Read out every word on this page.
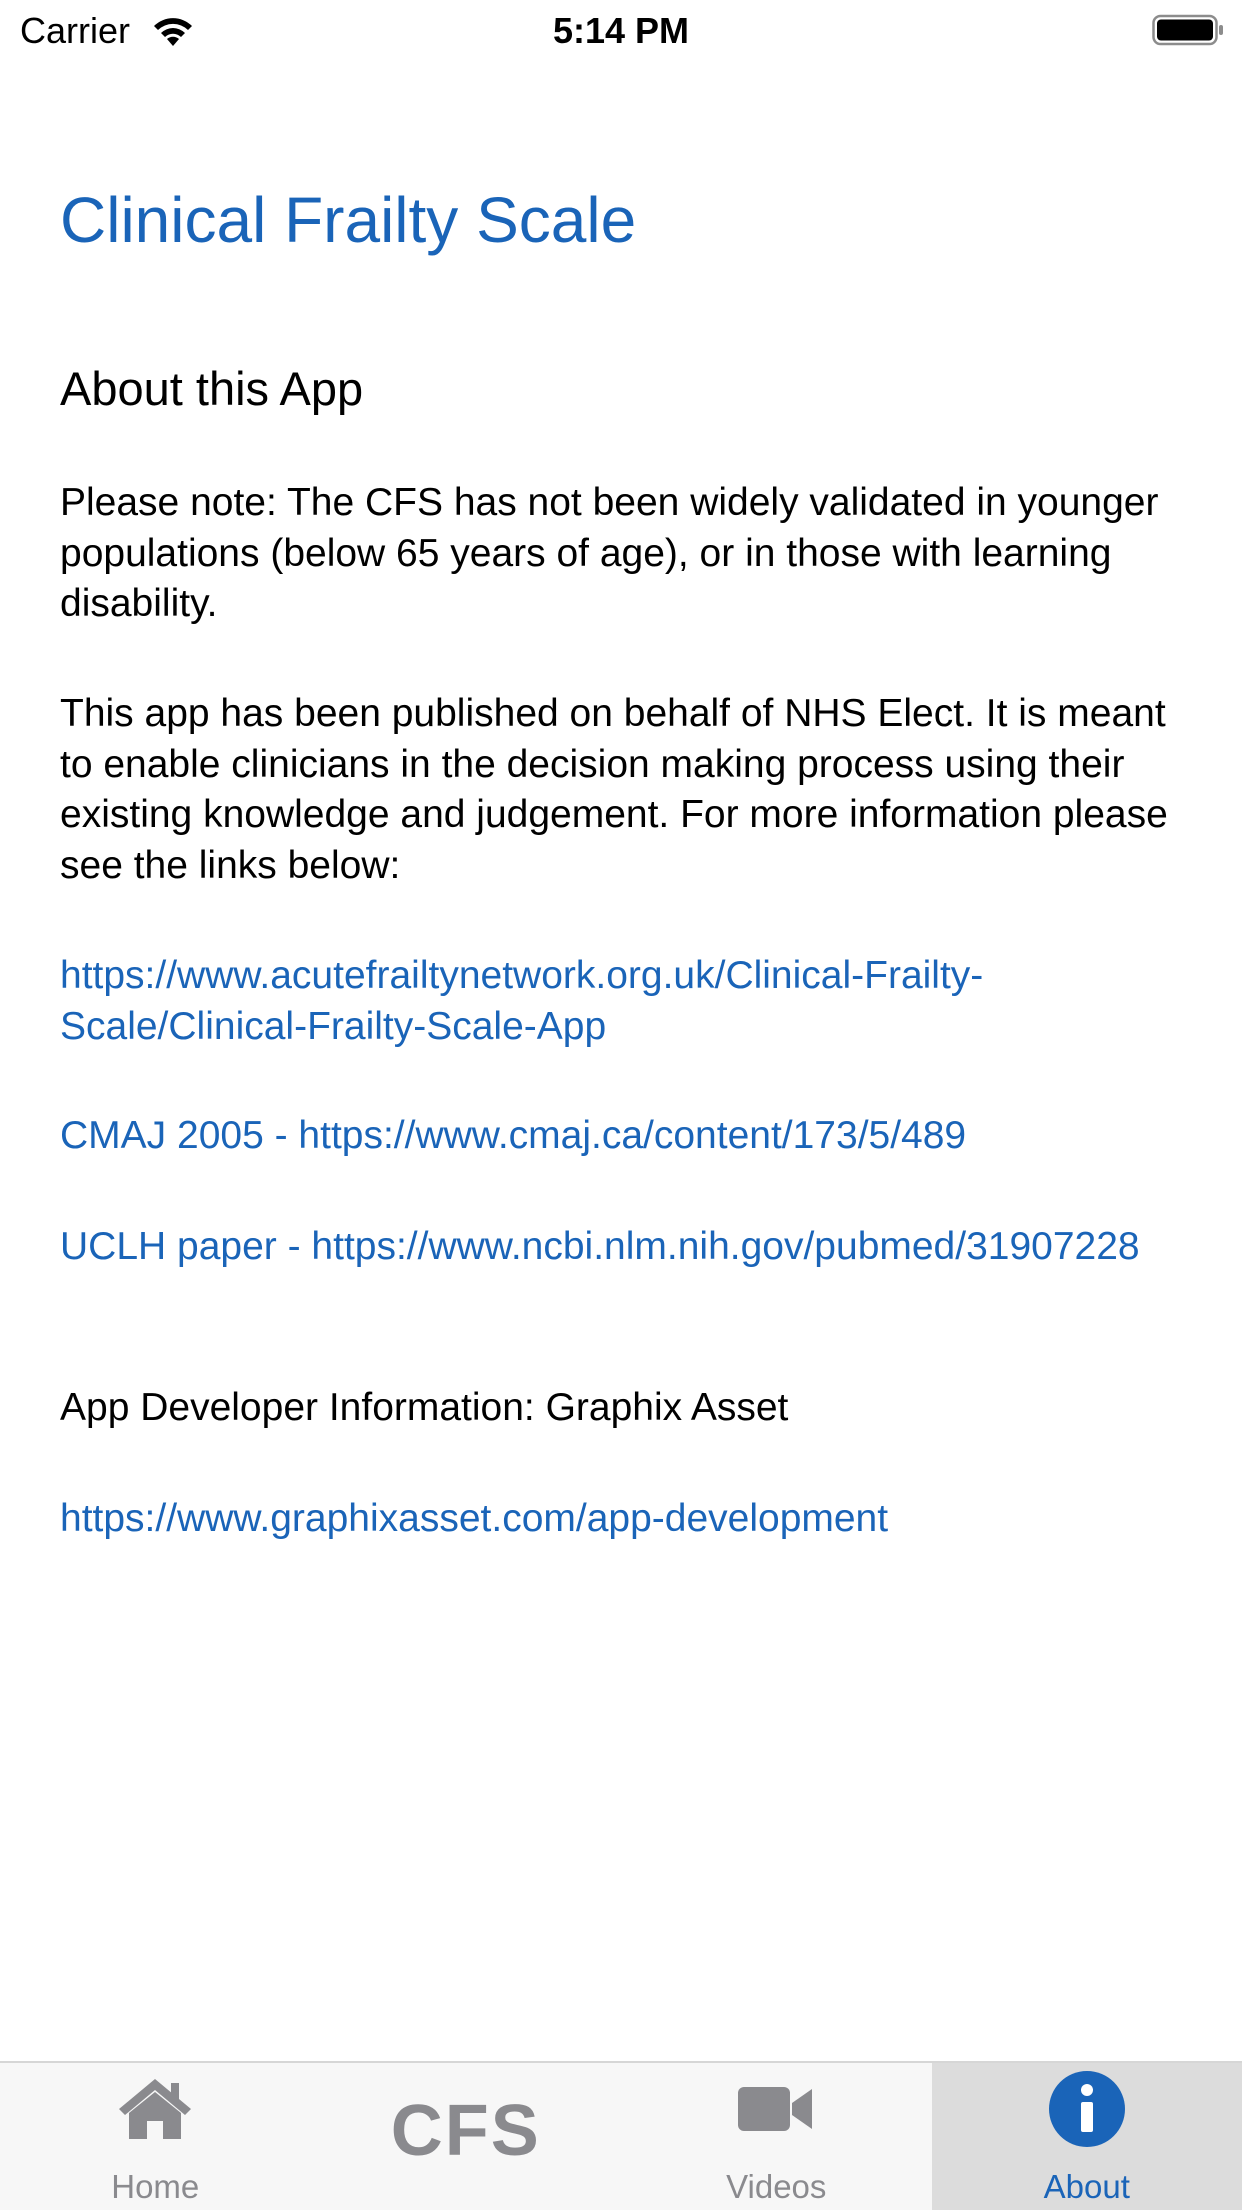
Carrier	5:14 PM
Clinical Frailty Scale
About this App

Please note: The CFS has not been widely validated in younger populations (below 65 years of age), or in those with learning disability.

This app has been published on behalf of NHS Elect. It is meant to enable clinicians in the decision making process using their existing knowledge and judgement. For more information please see the links below:

https://www.acutefrailtynetwork.org.uk/Clinical-Frailty-Scale/Clinical-Frailty-Scale-App
CMAJ 2005 - https://www.cmaj.ca/content/173/5/489
UCLH paper - https://www.ncbi.nlm.nih.gov/pubmed/31907228

App Developer Information: Graphix Asset

https://www.graphixasset.com/app-development
Home
CFS
Videos	About
